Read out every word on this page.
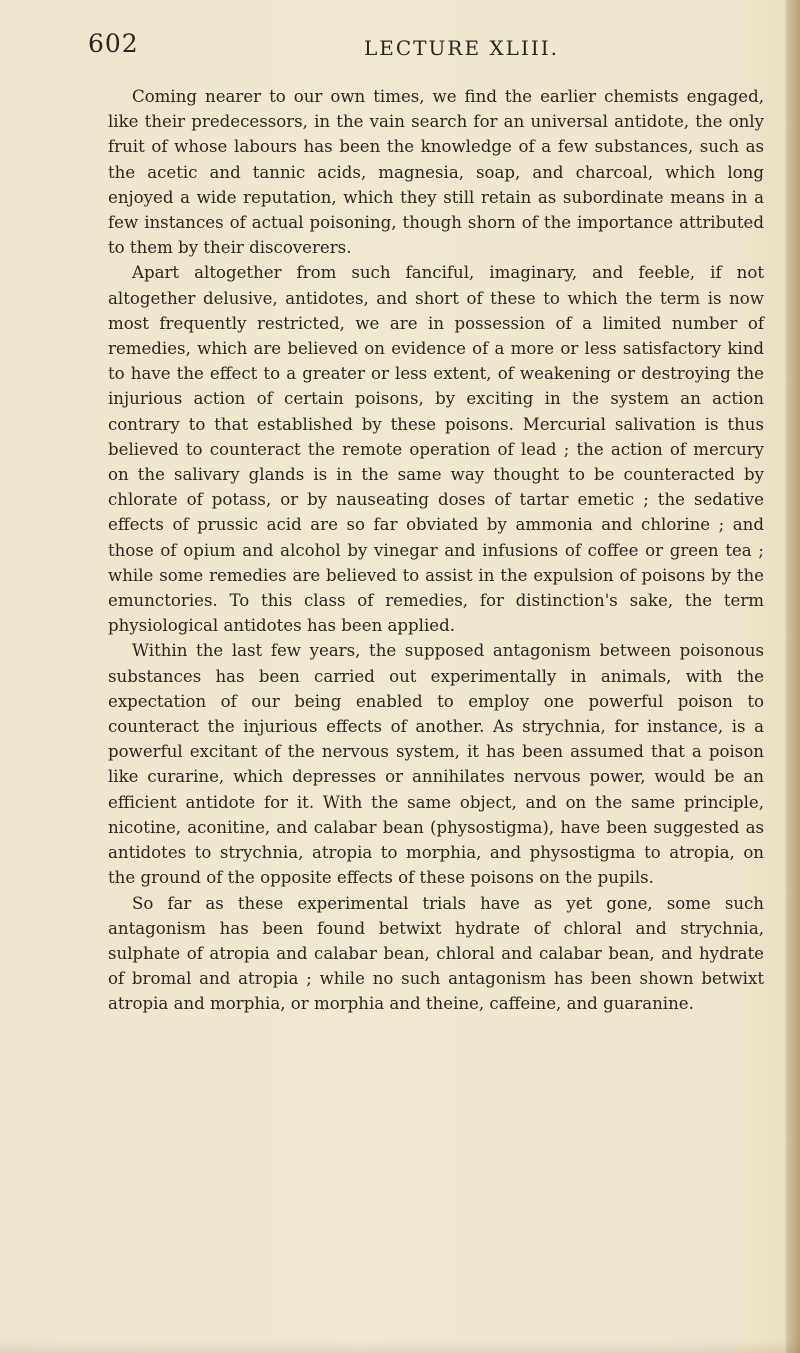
602	LECTURE XLIII.

Coming nearer to our own times, we find the earlier chemists engaged, like their predecessors, in the vain search for an universal antidote, the only fruit of whose labours has been the knowledge of a few substances, such as the acetic and tannic acids, magnesia, soap, and charcoal, which long enjoyed a wide reputation, which they still retain as subordinate means in a few instances of actual poisoning, though shorn of the importance attributed to them by their discoverers.

Apart altogether from such fanciful, imaginary, and feeble, if not altogether delusive, antidotes, and short of these to which the term is now most frequently restricted, we are in possession of a limited number of remedies, which are believed on evidence of a more or less satisfactory kind to have the effect to a greater or less extent, of weakening or destroying the injurious action of certain poisons, by exciting in the system an action contrary to that established by these poisons. Mercurial salivation is thus believed to counteract the remote operation of lead ; the action of mercury on the salivary glands is in the same way thought to be counteracted by chlorate of potass, or by nauseating doses of tartar emetic ; the sedative effects of prussic acid are so far obviated by ammonia and chlorine ; and those of opium and alcohol by vinegar and infusions of coffee or green tea ; while some remedies are believed to assist in the expulsion of poisons by the emunctories. To this class of remedies, for distinction's sake, the term physiological antidotes has been applied.

Within the last few years, the supposed antagonism between poisonous substances has been carried out experimentally in animals, with the expectation of our being enabled to employ one powerful poison to counteract the injurious effects of another. As strychnia, for instance, is a powerful excitant of the nervous system, it has been assumed that a poison like curarine, which depresses or annihilates nervous power, would be an efficient antidote for it. With the same object, and on the same principle, nicotine, aconitine, and calabar bean (physostigma), have been suggested as antidotes to strychnia, atropia to morphia, and physostigma to atropia, on the ground of the opposite effects of these poisons on the pupils.

So far as these experimental trials have as yet gone, some such antagonism has been found betwixt hydrate of chloral and strychnia, sulphate of atropia and calabar bean, chloral and calabar bean, and hydrate of bromal and atropia ; while no such antagonism has been shown betwixt atropia and morphia, or morphia and theine, caffeine, and guaranine.
